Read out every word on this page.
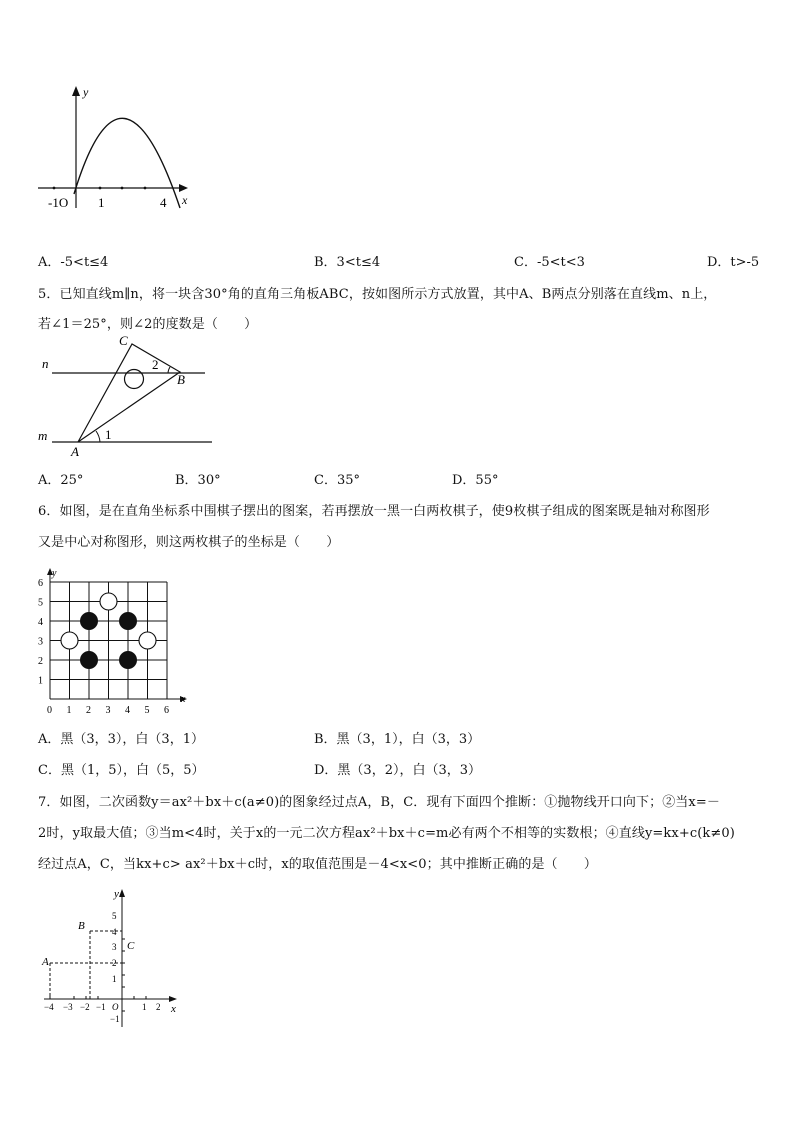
y
x
-1O 1	4
A．-5<t≤4	B．3<t≤4	C．-5<t<3	D．t>-5
5．已知直线m∥n，将一块含30°角的直角三角板ABC，按如图所示方式放置，其中A、B两点分别落在直线m、n上，
若∠1＝25°，则∠2的度数是（　　）
n
m
C
B
A
2
1
A．25°	B．30°	C．35°	D．55°
6．如图，是在直角坐标系中围棋子摆出的图案，若再摆放一黑一白两枚棋子，使9枚棋子组成的图案既是轴对称图形
又是中心对称图形，则这两枚棋子的坐标是（　　）
x
y
0 1 2 3 4 5 6
1
2
3
4
5
6
A．黑（3，3），白（3，1）	B．黑（3，1），白（3，3）
C．黑（1，5），白（5，5）	D．黑（3，2），白（3，3）
7．如图，二次函数y＝ax²＋bx＋c(a≠0)的图象经过点A，B，C．现有下面四个推断：①抛物线开口向下；②当x=－
2时，y取最大值；③当m<4时，关于x的一元二次方程ax²＋bx＋c=m必有两个不相等的实数根；④直线y=kx+c(k≠0)
经过点A，C，当kx+c> ax²＋bx＋c时，x的取值范围是－4<x<0；其中推断正确的是（　　）
y
x
B
A
C
5
4
3
2
1
−1
−4 −3 −2 −1 O	1 2
